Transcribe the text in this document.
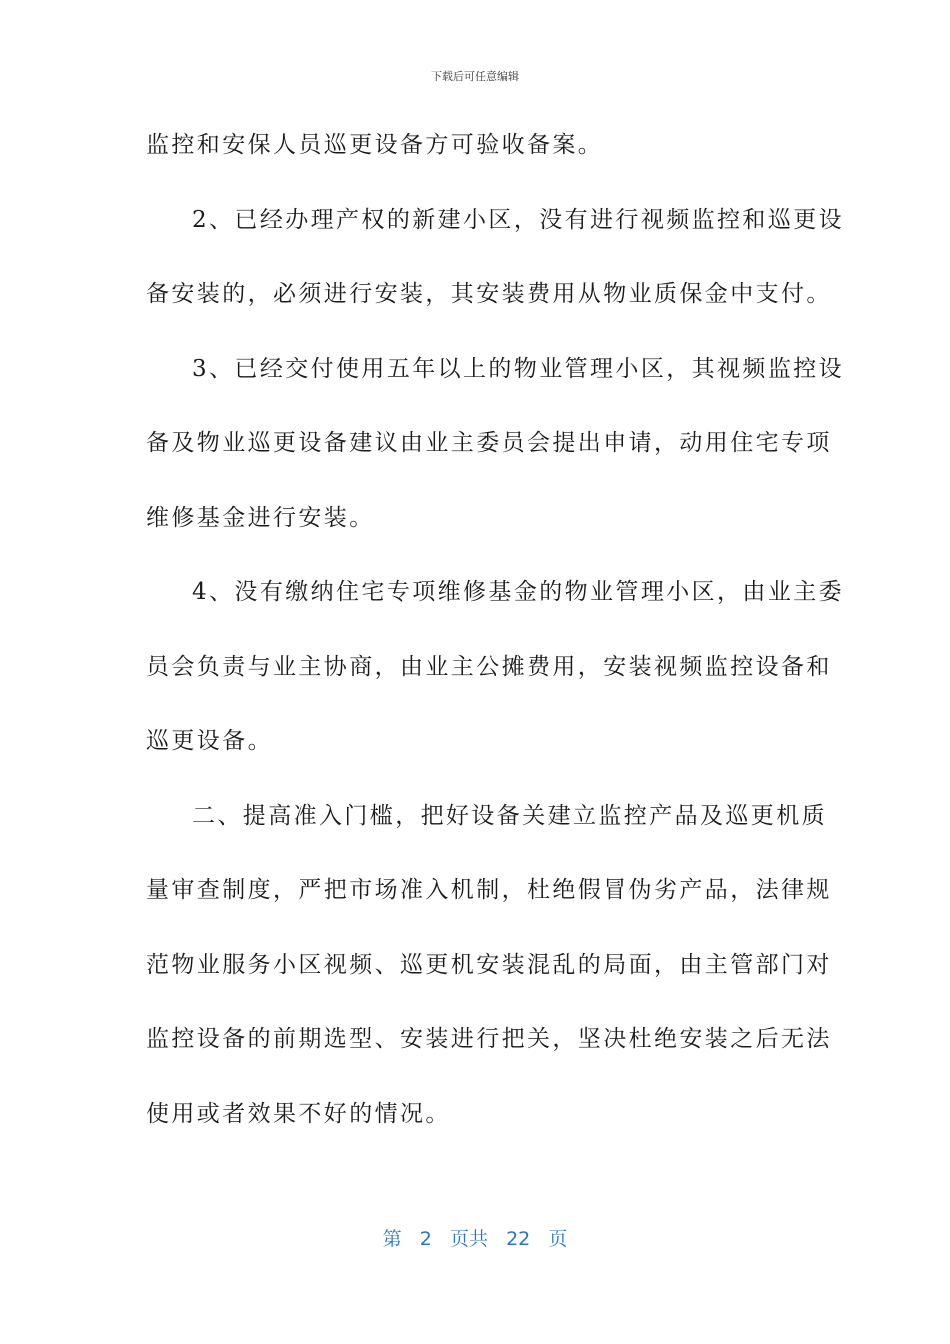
下载后可任意编辑
监控和安保人员巡更设备方可验收备案。
2、已经办理产权的新建小区，没有进行视频监控和巡更设
备安装的，必须进行安装，其安装费用从物业质保金中支付。
3、已经交付使用五年以上的物业管理小区，其视频监控设
备及物业巡更设备建议由业主委员会提出申请，动用住宅专项
维修基金进行安装。
4、没有缴纳住宅专项维修基金的物业管理小区，由业主委
员会负责与业主协商，由业主公摊费用，安装视频监控设备和
巡更设备。
二、提高准入门槛，把好设备关建立监控产品及巡更机质
量审查制度，严把市场准入机制，杜绝假冒伪劣产品，法律规
范物业服务小区视频、巡更机安装混乱的局面，由主管部门对
监控设备的前期选型、安装进行把关，坚决杜绝安装之后无法
使用或者效果不好的情况。
第 2 页共 22 页
